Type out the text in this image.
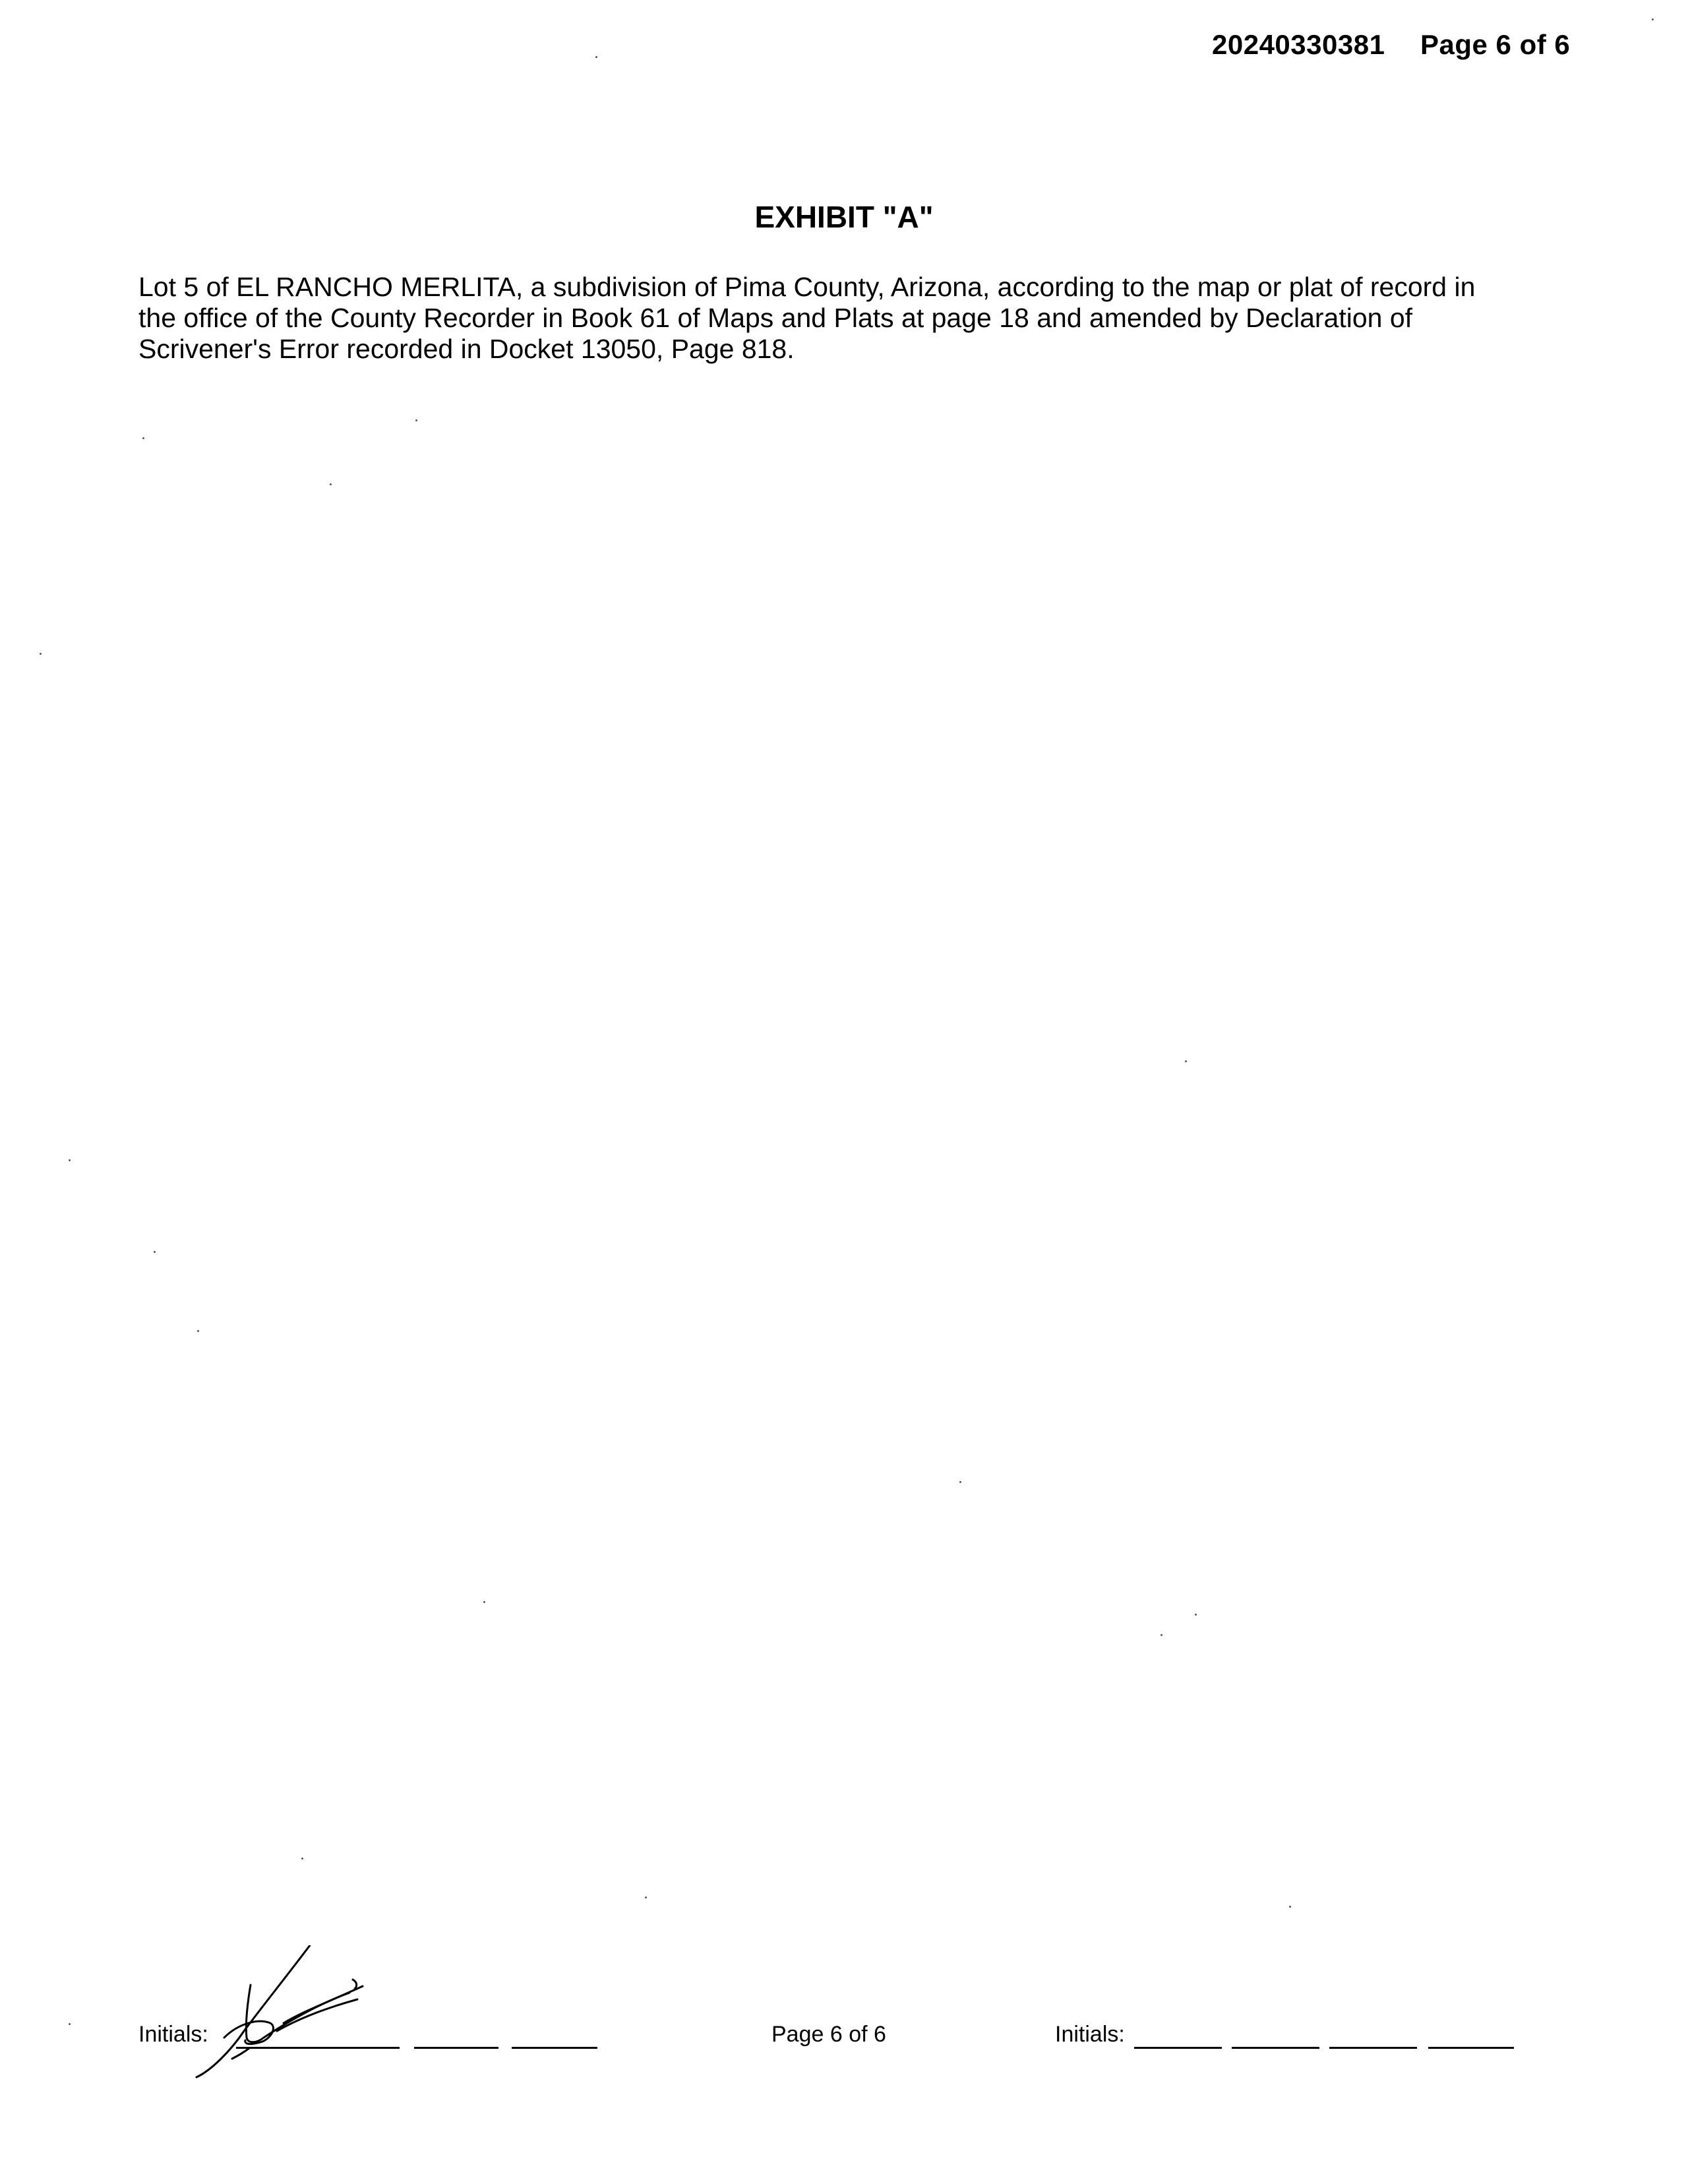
20240330381 Page 6 of 6
EXHIBIT "A"
Lot 5 of EL RANCHO MERLITA, a subdivision of Pima County, Arizona, according to the map or plat of record in
the office of the County Recorder in Book 61 of Maps and Plats at page 18 and amended by Declaration of
Scrivener's Error recorded in Docket 13050, Page 818.
Initials:	Page 6 of 6	Initials:
